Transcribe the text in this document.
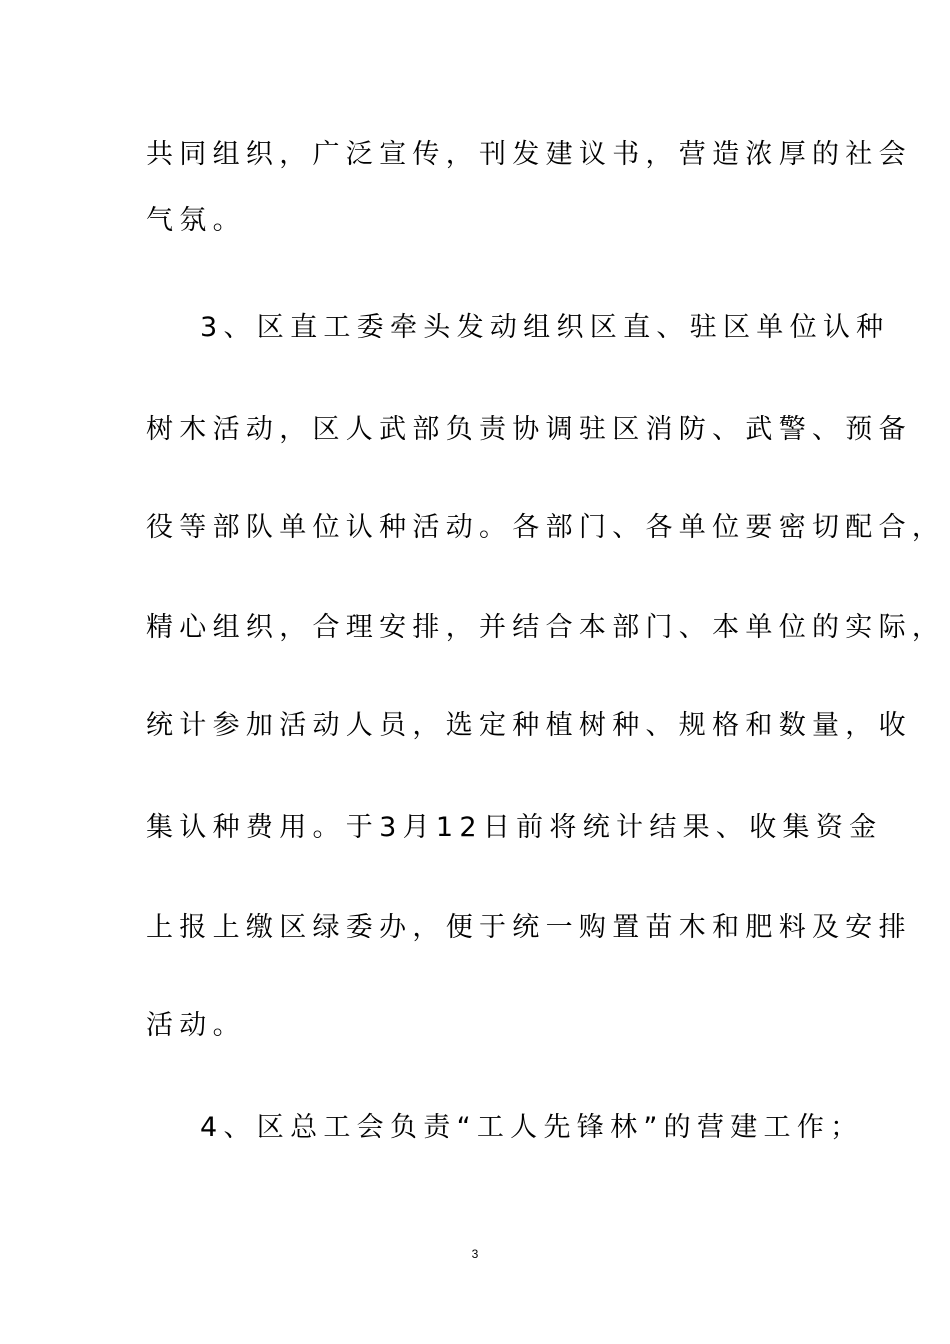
共同组织，广泛宣传，刊发建议书，营造浓厚的社会
气氛。
3、区直工委牵头发动组织区直、驻区单位认种
树木活动，区人武部负责协调驻区消防、武警、预备
役等部队单位认种活动。各部门、各单位要密切配合，
精心组织，合理安排，并结合本部门、本单位的实际，
统计参加活动人员，选定种植树种、规格和数量，收
集认种费用。于3月12日前将统计结果、收集资金
上报上缴区绿委办，便于统一购置苗木和肥料及安排
活动。
4、区总工会负责“工人先锋林”的营建工作；
3
